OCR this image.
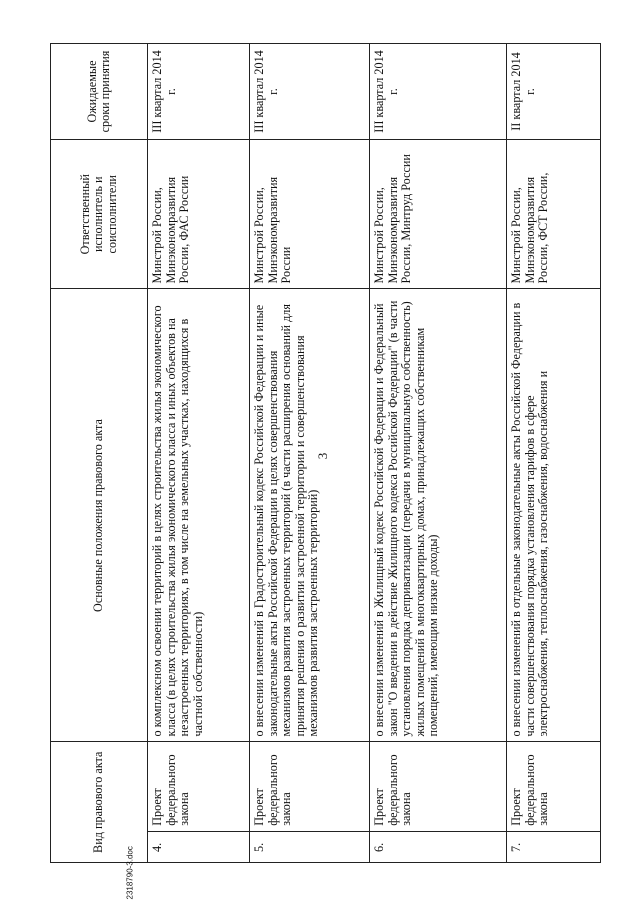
3
Вид правового акта		Основные положения правового акта	Ответственный исполнитель и соисполнители	Ожидаемые сроки принятия
4.	Проект федерального закона	о комплексном освоении территорий в целях строительства жилья экономического класса (в целях строительства жилья экономического класса и иных объектов на незастроенных территориях, в том числе на земельных участках, находящихся в частной собственности)	Минстрой России, Минэкономразвития России, ФАС России	III квартал 2014 г.
5.	Проект федерального закона	о внесении изменений в Градостроительный кодекс Российской Федерации и иные законодательные акты Российской Федерации в целях совершенствования механизмов развития застроенных территорий (в части расширения оснований для принятия решения о развитии застроенной территории и совершенствования механизмов развития застроенных территорий)	Минстрой России, Минэкономразвития России	III квартал 2014 г.
6.	Проект федерального закона	о внесении изменений в Жилищный кодекс Российской Федерации и Федеральный закон "О введении в действие Жилищного кодекса Российской Федерации" (в части установления порядка деприватизации (передачи в муниципальную собственность) жилых помещений в многоквартирных домах, принадлежащих собственникам помещений, имеющим низкие доходы)	Минстрой России, Минэкономразвития России, Минтруд России	III квартал 2014 г.
7.	Проект федерального закона	о внесении изменений в отдельные законодательные акты Российской Федерации в части совершенствования порядка установления тарифов в сфере электроснабжения, теплоснабжения, газоснабжения, водоснабжения и	Минстрой России, Минэкономразвития России, ФСТ России,	II квартал 2014 г.
2318790-3.doc
